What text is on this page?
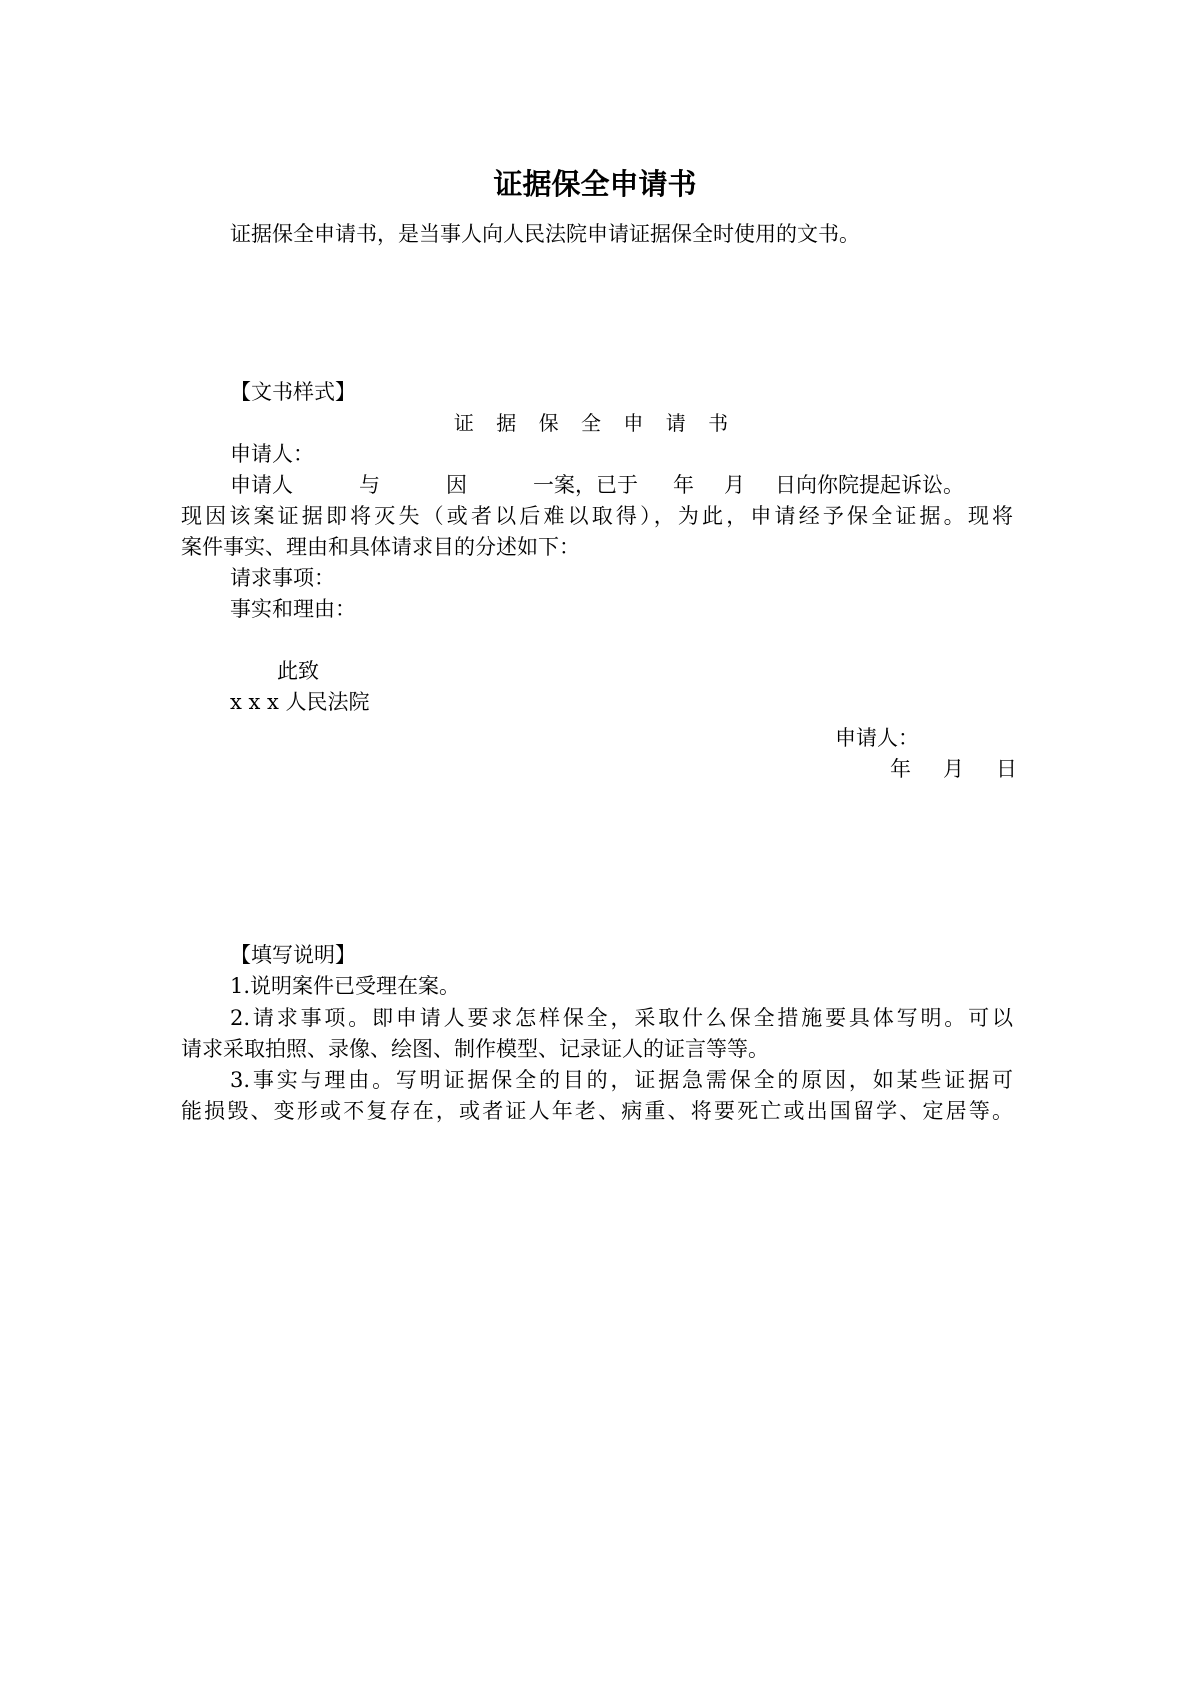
证据保全申请书
证据保全申请书，是当事人向人民法院申请证据保全时使用的文书。
【文书样式】
证 据 保 全 申 请 书
申请人：
申请人	与	因	一案，已于 年 月 日向你院提起诉讼。
现因该案证据即将灭失（或者以后难以取得），为此，申请经予保全证据。现将
案件事实、理由和具体请求目的分述如下：
请求事项：
事实和理由：
此致
x x x 人民法院
申请人：
年 月 日
【填写说明】
1.说明案件已受理在案。
2.请求事项。即申请人要求怎样保全，采取什么保全措施要具体写明。可以
请求采取拍照、录像、绘图、制作模型、记录证人的证言等等。
3.事实与理由。写明证据保全的目的，证据急需保全的原因，如某些证据可
能损毁、变形或不复存在，或者证人年老、病重、将要死亡或出国留学、定居等。
